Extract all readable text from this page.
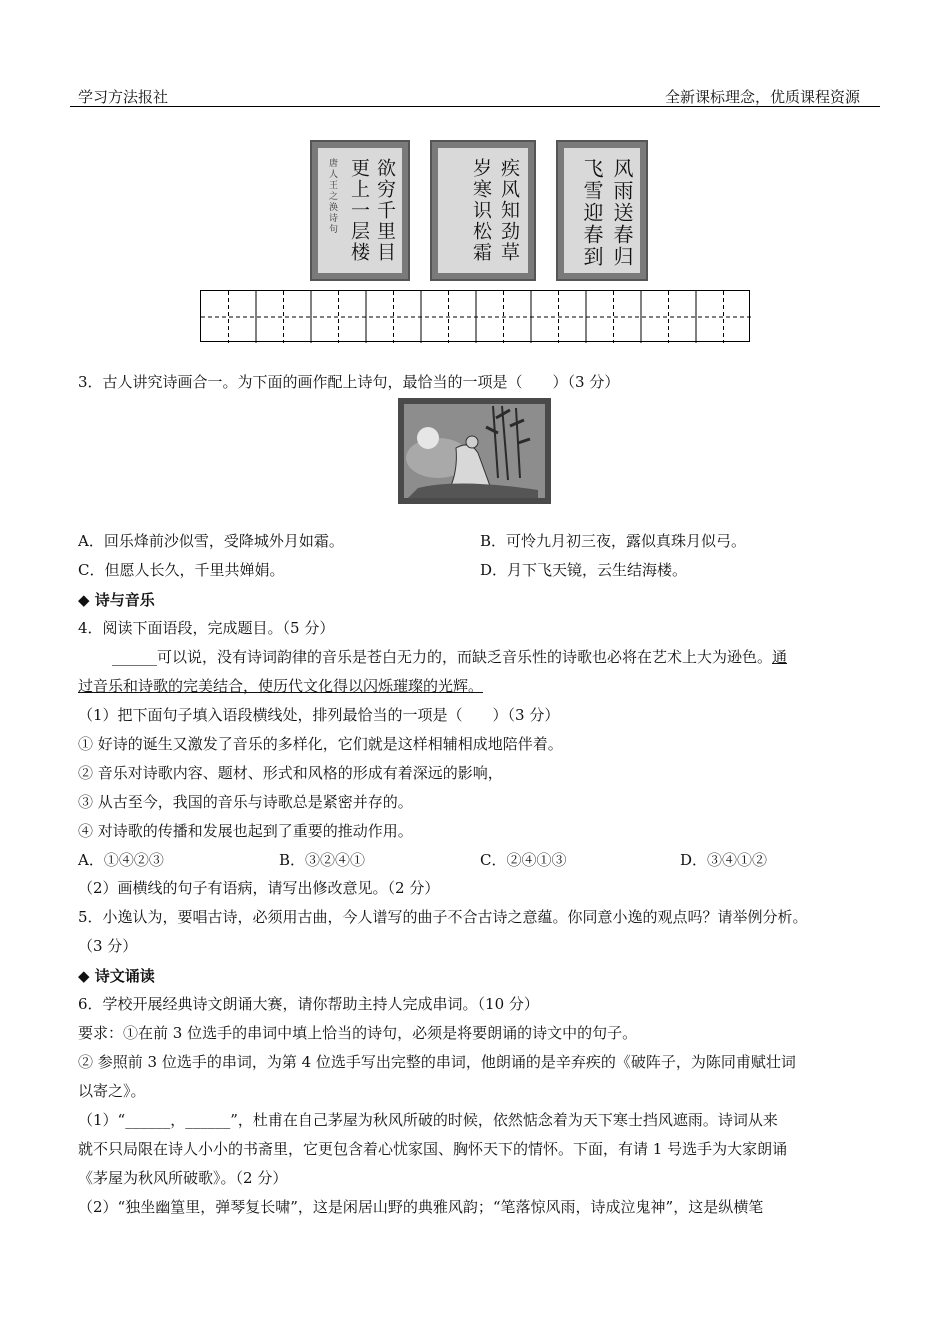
学习方法报社	全新课标理念，优质课程资源
欲穷千里目
更上一层楼
唐人王之涣诗句	疾风知劲草
岁寒识松霜	风雨送春归
飞雪迎春到
3．古人讲究诗画合一。为下面的画作配上诗句，最恰当的一项是（　　）（3 分）
A．回乐烽前沙似雪，受降城外月如霜。	B．可怜九月初三夜，露似真珠月似弓。
C．但愿人长久，千里共婵娟。	D．月下飞天镜，云生结海楼。
◆ 诗与音乐
4．阅读下面语段，完成题目。（5 分）
______可以说，没有诗词韵律的音乐是苍白无力的，而缺乏音乐性的诗歌也必将在艺术上大为逊色。通
过音乐和诗歌的完美结合，使历代文化得以闪烁璀璨的光辉。
（1）把下面句子填入语段横线处，排列最恰当的一项是（　　）（3 分）
① 好诗的诞生又激发了音乐的多样化，它们就是这样相辅相成地陪伴着。
② 音乐对诗歌内容、题材、形式和风格的形成有着深远的影响，
③ 从古至今，我国的音乐与诗歌总是紧密并存的。
④ 对诗歌的传播和发展也起到了重要的推动作用。
A．①④②③	B．③②④①	C．②④①③	D．③④①②
（2）画横线的句子有语病，请写出修改意见。（2 分）
5．小逸认为，要唱古诗，必须用古曲，今人谱写的曲子不合古诗之意蕴。你同意小逸的观点吗？请举例分析。
（3 分）
◆ 诗文诵读
6．学校开展经典诗文朗诵大赛，请你帮助主持人完成串词。（10 分）
要求：①在前 3 位选手的串词中填上恰当的诗句，必须是将要朗诵的诗文中的句子。
② 参照前 3 位选手的串词，为第 4 位选手写出完整的串词，他朗诵的是辛弃疾的《破阵子，为陈同甫赋壮词
以寄之》。
（1）“______，______”，杜甫在自己茅屋为秋风所破的时候，依然惦念着为天下寒士挡风遮雨。诗词从来
就不只局限在诗人小小的书斋里，它更包含着心忧家国、胸怀天下的情怀。下面，有请 1 号选手为大家朗诵
《茅屋为秋风所破歌》。（2 分）
（2）“独坐幽篁里，弹琴复长啸”，这是闲居山野的典雅风韵；“笔落惊风雨，诗成泣鬼神”，这是纵横笔
